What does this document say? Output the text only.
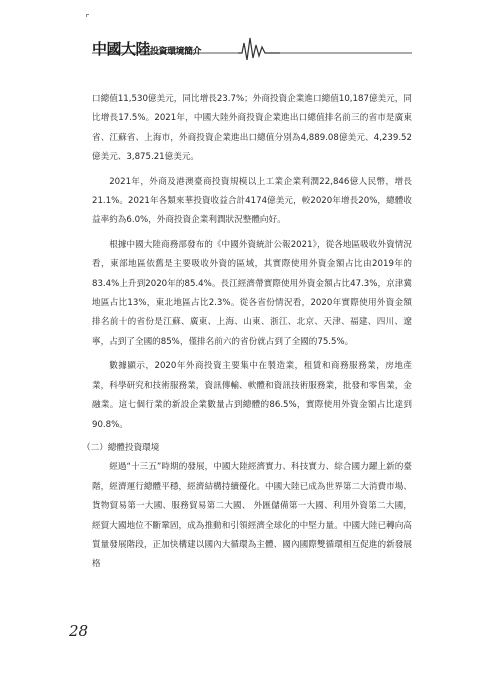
中國大陸投資環境簡介

口總值11,530億美元，同比增長23.7%；外商投資企業進口總值10,187億美元，同比增長17.5%。2021年，中國大陸外商投資企業進出口總值排名前三的省市是廣東省、江蘇省、上海市，外商投資企業進出口總值分別為4,889.08億美元、4,239.52億美元、3,875.21億美元。

2021年，外商及港澳臺商投資規模以上工業企業利潤22,846億人民幣，增長21.1%。2021年各類來華投資收益合計4174億美元，較2020年增長20%，總體收益率約為6.0%，外商投資企業利潤狀況整體向好。

根據中國大陸商務部發布的《中國外資統計公報2021》，從各地區吸收外資情況看，東部地區依舊是主要吸收外資的區域，其實際使用外資金額占比由2019年的83.4%上升到2020年的85.4%。長江經濟帶實際使用外資金額占比47.3%，京津冀地區占比13%，東北地區占比2.3%。從各省份情況看，2020年實際使用外資金額排名前十的省份是江蘇、廣東、上海、山東、浙江、北京、天津、福建、四川、遼寧，占到了全國的85%，僅排名前六的省份就占到了全國的75.5%。

數據顯示，2020年外商投資主要集中在製造業，租賃和商務服務業，房地產業，科學研究和技術服務業，資訊傳輸、軟體和資訊技術服務業，批發和零售業，金融業。這七個行業的新設企業數量占到總體的86.5%，實際使用外資金額占比達到90.8%。

（二）總體投資環境

經過“十三五”時期的發展，中國大陸經濟實力、科技實力、綜合國力躍上新的臺階，經濟運行總體平穩，經濟結構持續優化。中國大陸已成為世界第二大消費市場、貨物貿易第一大國、服務貿易第二大國、 外匯儲備第一大國、利用外資第二大國，經貿大國地位不斷鞏固，成為推動和引領經濟全球化的中堅力量。中國大陸已轉向高質量發展階段，正加快構建以國內大循環為主體、國內國際雙循環相互促進的新發展格

28
